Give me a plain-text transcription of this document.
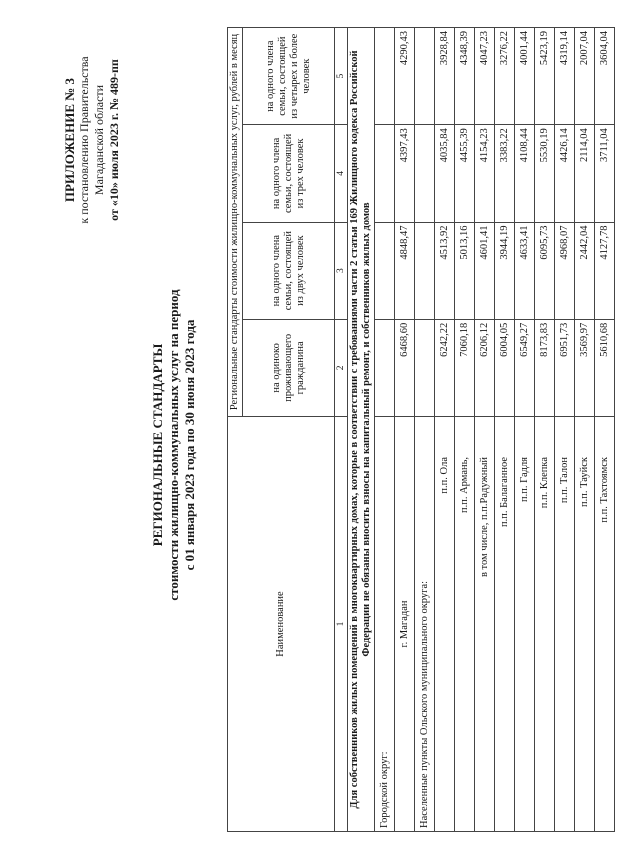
ПРИЛОЖЕНИЕ № 3 к постановлению Правительства Магаданской области от «10» июля 2023 г. № 489-пп
РЕГИОНАЛЬНЫЕ СТАНДАРТЫ стоимости жилищно-коммунальных услуг на период с 01 января 2023 года по 30 июня 2023 года
Наименование	Региональные стандарты стоимости жилищно-коммунальных услуг, рублей в месяц			
	на одиноко проживающего гражданина	на одного члена семьи, состоящей из двух человек	на одного члена семьи, состоящей из трех человек	на одного члена семьи, состоящей из четырех и более человек
1	2	3	4	5
Для собственников жилых помещений в многоквартирных домах, которые в соответствии с требованиями части 2 статьи 169 Жилищного кодекса Российской Федерации не обязаны вносить взносы на капитальный ремонт, и собственников жилых домов				
Городской округ:				
г. Магадан	6468,60	4848,47	4397,43	4290,43
Населенные пункты Ольского муниципального округа:				
п.п. Ола	6242,22	4513,92	4035,84	3928,84
п.п. Армань,	7060,18	5013,16	4455,39	4348,39
в том числе, п.п.Радужный	6206,12	4601,41	4154,23	4047,23
п.п. Балаганное	6004,05	3944,19	3383,22	3276,22
п.п. Гадля	6549,27	4633,41	4108,44	4001,44
п.п. Клепка	8173,83	6095,73	5530,19	5423,19
п.п. Талон	6951,73	4968,07	4426,14	4319,14
п.п. Тауйск	3569,97	2442,04	2114,04	2007,04
п.п. Тахтоямск	5610,68	4127,78	3711,04	3604,04
